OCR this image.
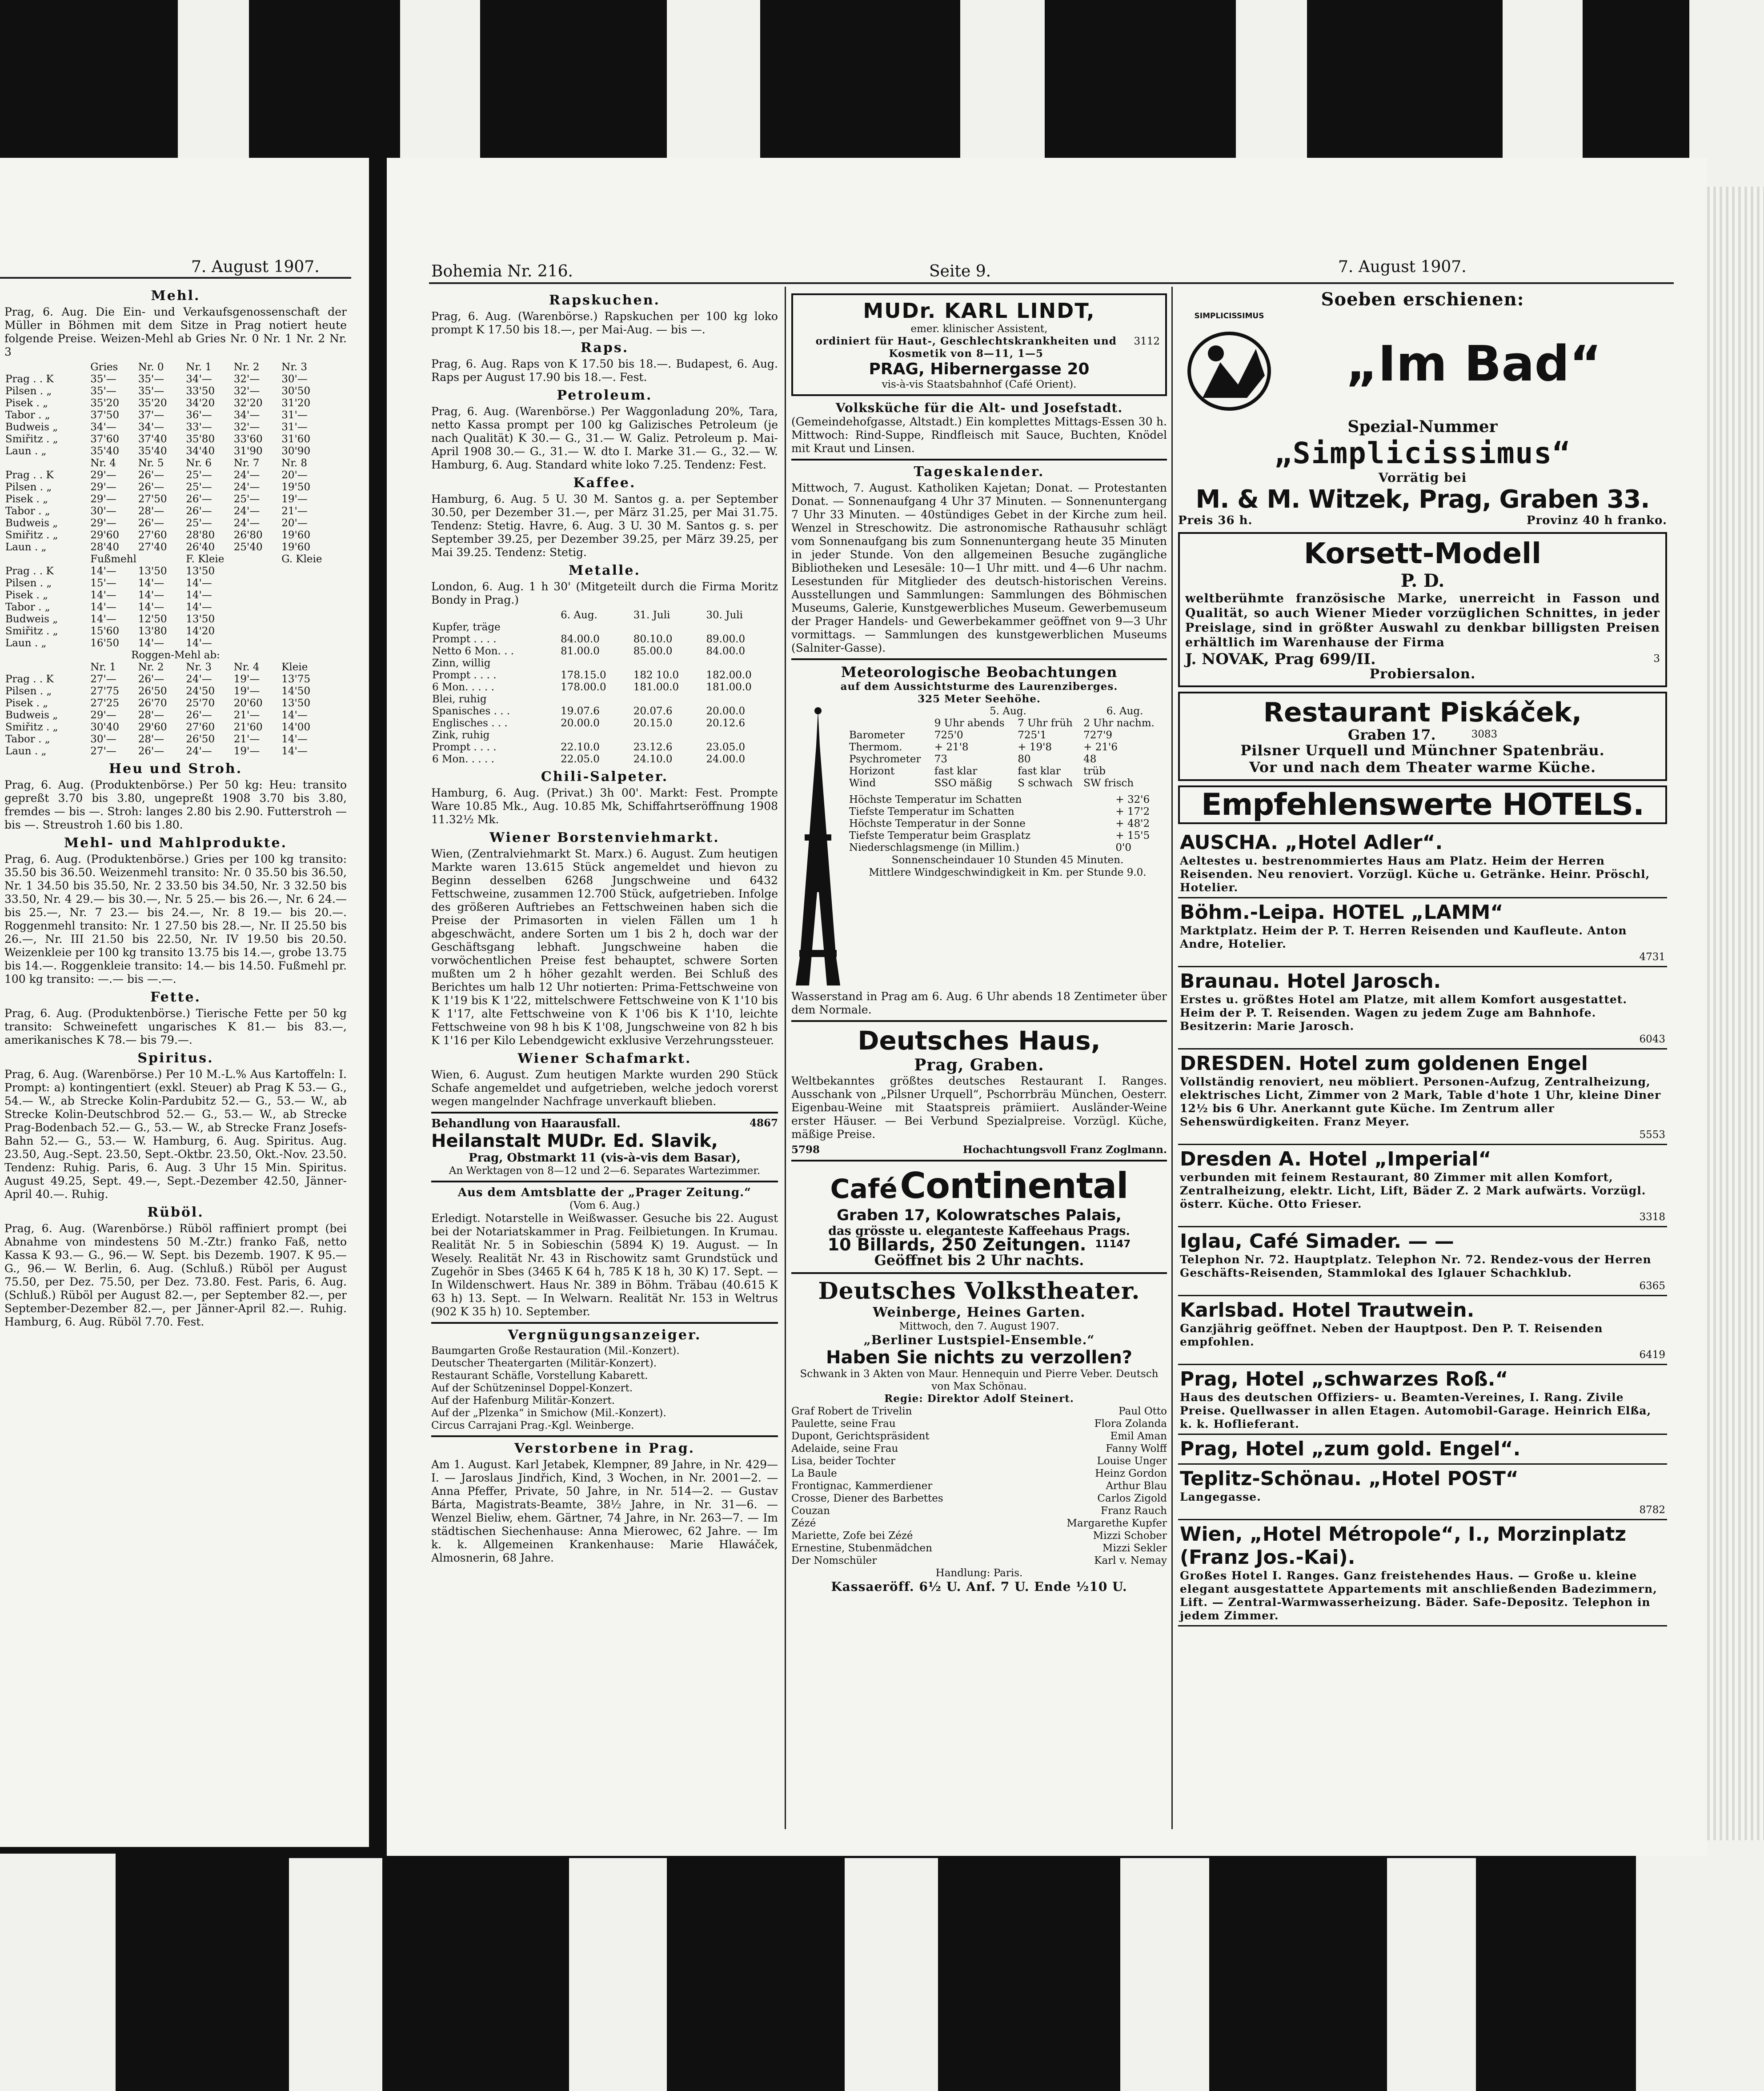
7. August 1907.
Mehl.

Prag, 6. Aug. Die Ein- und Verkaufsgenossenschaft der Müller in Böhmen mit dem Sitze in Prag notiert heute folgende Preise. Weizen-Mehl ab Gries Nr. 0 Nr. 1 Nr. 2 Nr. 3

	Gries	Nr. 0	Nr. 1	Nr. 2	Nr. 3
Prag . . K	35'—	35'—	34'—	32'—	30'—
Pilsen . „	35'—	35'—	33'50	32'—	30'50
Pisek . „	35'20	35'20	34'20	32'20	31'20
Tabor . „	37'50	37'—	36'—	34'—	31'—
Budweis „	34'—	34'—	33'—	32'—	31'—
Smiřitz . „	37'60	37'40	35'80	33'60	31'60
Laun . „	35'40	35'40	34'40	31'90	30'90
	Nr. 4	Nr. 5	Nr. 6	Nr. 7	Nr. 8
Prag . . K	29'—	26'—	25'—	24'—	20'—
Pilsen . „	29'—	26'—	25'—	24'—	19'50
Pisek . „	29'—	27'50	26'—	25'—	19'—
Tabor . „	30'—	28'—	26'—	24'—	21'—
Budweis „	29'—	26'—	25'—	24'—	20'—
Smiřitz . „	29'60	27'60	28'80	26'80	19'60
Laun . „	28'40	27'40	26'40	25'40	19'60
	Fußmehl		F. Kleie		G. Kleie
Prag . . K	14'—	13'50	13'50		
Pilsen . „	15'—	14'—	14'—		
Pisek . „	14'—	14'—	14'—		
Tabor . „	14'—	14'—	14'—		
Budweis „	14'—	12'50	13'50		
Smiřitz . „	15'60	13'80	14'20		
Laun . „	16'50	14'—	14'—		
Roggen-Mehl ab:					
	Nr. 1	Nr. 2	Nr. 3	Nr. 4	Kleie
Prag . . K	27'—	26'—	24'—	19'—	13'75
Pilsen . „	27'75	26'50	24'50	19'—	14'50
Pisek . „	27'25	26'70	25'70	20'60	13'50
Budweis „	29'—	28'—	26'—	21'—	14'—
Smiřitz . „	30'40	29'60	27'60	21'60	14'00
Tabor . „	30'—	28'—	26'50	21'—	14'—
Laun . „	27'—	26'—	24'—	19'—	14'—
Heu und Stroh.

Prag, 6. Aug. (Produktenbörse.) Per 50 kg: Heu: transito gepreßt 3.70 bis 3.80, ungepreßt 1908 3.70 bis 3.80, fremdes — bis —. Stroh: langes 2.80 bis 2.90. Futterstroh — bis —. Streustroh 1.60 bis 1.80.

Mehl- und Mahlprodukte.

Prag, 6. Aug. (Produktenbörse.) Gries per 100 kg transito: 35.50 bis 36.50. Weizenmehl transito: Nr. 0 35.50 bis 36.50, Nr. 1 34.50 bis 35.50, Nr. 2 33.50 bis 34.50, Nr. 3 32.50 bis 33.50, Nr. 4 29.— bis 30.—, Nr. 5 25.— bis 26.—, Nr. 6 24.— bis 25.—, Nr. 7 23.— bis 24.—, Nr. 8 19.— bis 20.—. Roggenmehl transito: Nr. 1 27.50 bis 28.—, Nr. II 25.50 bis 26.—, Nr. III 21.50 bis 22.50, Nr. IV 19.50 bis 20.50. Weizenkleie per 100 kg transito 13.75 bis 14.—, grobe 13.75 bis 14.—. Roggenkleie transito: 14.— bis 14.50. Fußmehl pr. 100 kg transito: —.— bis —.—.

Fette.

Prag, 6. Aug. (Produktenbörse.) Tierische Fette per 50 kg transito: Schweinefett ungarisches K 81.— bis 83.—, amerikanisches K 78.— bis 79.—.

Spiritus.

Prag, 6. Aug. (Warenbörse.) Per 10 M.-L.% Aus Kartoffeln: I. Prompt: a) kontingentiert (exkl. Steuer) ab Prag K 53.— G., 54.— W., ab Strecke Kolin-Pardubitz 52.— G., 53.— W., ab Strecke Kolin-Deutschbrod 52.— G., 53.— W., ab Strecke Prag-Bodenbach 52.— G., 53.— W., ab Strecke Franz Josefs-Bahn 52.— G., 53.— W. Hamburg, 6. Aug. Spiritus. Aug. 23.50, Aug.-Sept. 23.50, Sept.-Oktbr. 23.50, Okt.-Nov. 23.50. Tendenz: Ruhig. Paris, 6. Aug. 3 Uhr 15 Min. Spiritus. August 49.25, Sept. 49.—, Sept.-Dezember 42.50, Jänner-April 40.—. Ruhig.

Rüböl.

Prag, 6. Aug. (Warenbörse.) Rüböl raffiniert prompt (bei Abnahme von mindestens 50 M.-Ztr.) franko Faß, netto Kassa K 93.— G., 96.— W. Sept. bis Dezemb. 1907. K 95.— G., 96.— W. Berlin, 6. Aug. (Schluß.) Rüböl per August 75.50, per Dez. 75.50, per Dez. 73.80. Fest. Paris, 6. Aug. (Schluß.) Rüböl per August 82.—, per September 82.—, per September-Dezember 82.—, per Jänner-April 82.—. Ruhig. Hamburg, 6. Aug. Rüböl 7.70. Fest.

Bohemia Nr. 216.	Seite 9.	7. August 1907.
Rapskuchen.

Prag, 6. Aug. (Warenbörse.) Rapskuchen per 100 kg loko prompt K 17.50 bis 18.—, per Mai-Aug. — bis —.

Raps.

Prag, 6. Aug. Raps von K 17.50 bis 18.—. Budapest, 6. Aug. Raps per August 17.90 bis 18.—. Fest.

Petroleum.

Prag, 6. Aug. (Warenbörse.) Per Waggonladung 20%, Tara, netto Kassa prompt per 100 kg Galizisches Petroleum (je nach Qualität) K 30.— G., 31.— W. Galiz. Petroleum p. Mai-April 1908 30.— G., 31.— W. dto I. Marke 31.— G., 32.— W. Hamburg, 6. Aug. Standard white loko 7.25. Tendenz: Fest.

Kaffee.

Hamburg, 6. Aug. 5 U. 30 M. Santos g. a. per September 30.50, per Dezember 31.—, per März 31.25, per Mai 31.75. Tendenz: Stetig. Havre, 6. Aug. 3 U. 30 M. Santos g. s. per September 39.25, per Dezember 39.25, per März 39.25, per Mai 39.25. Tendenz: Stetig.

Metalle.

London, 6. Aug. 1 h 30' (Mitgeteilt durch die Firma Moritz Bondy in Prag.)

	6. Aug.	31. Juli	30. Juli
Kupfer, träge			
Prompt . . . .	84.00.0	80.10.0	89.00.0
Netto 6 Mon. . .	81.00.0	85.00.0	84.00.0
Zinn, willig			
Prompt . . . .	178.15.0	182 10.0	182.00.0
6 Mon. . . . .	178.00.0	181.00.0	181.00.0
Blei, ruhig			
Spanisches . . .	19.07.6	20.07.6	20.00.0
Englisches . . .	20.00.0	20.15.0	20.12.6
Zink, ruhig			
Prompt . . . .	22.10.0	23.12.6	23.05.0
6 Mon. . . . .	22.05.0	24.10.0	24.00.0
Chili-Salpeter.

Hamburg, 6. Aug. (Privat.) 3h 00'. Markt: Fest. Prompte Ware 10.85 Mk., Aug. 10.85 Mk, Schiffahrtseröffnung 1908 11.32½ Mk.

Wiener Borstenviehmarkt.

Wien, (Zentralviehmarkt St. Marx.) 6. August. Zum heutigen Markte waren 13.615 Stück angemeldet und hievon zu Beginn desselben 6268 Jungschweine und 6432 Fettschweine, zusammen 12.700 Stück, aufgetrieben. Infolge des größeren Auftriebes an Fettschweinen haben sich die Preise der Primasorten in vielen Fällen um 1 h abgeschwächt, andere Sorten um 1 bis 2 h, doch war der Geschäftsgang lebhaft. Jungschweine haben die vorwöchentlichen Preise fest behauptet, schwere Sorten mußten um 2 h höher gezahlt werden. Bei Schluß des Berichtes um halb 12 Uhr notierten: Prima-Fettschweine von K 1'19 bis K 1'22, mittelschwere Fettschweine von K 1'10 bis K 1'17, alte Fettschweine von K 1'06 bis K 1'10, leichte Fettschweine von 98 h bis K 1'08, Jungschweine von 82 h bis K 1'16 per Kilo Lebendgewicht exklusive Verzehrungssteuer.

Wiener Schafmarkt.

Wien, 6. August. Zum heutigen Markte wurden 290 Stück Schafe angemeldet und aufgetrieben, welche jedoch vorerst wegen mangelnder Nachfrage unverkauft blieben.

Behandlung von Haarausfall.	4867
Heilanstalt MUDr. Ed. Slavik,
Prag, Obstmarkt 11 (vis-à-vis dem Basar),
An Werktagen von 8—12 und 2—6. Separates Wartezimmer.
Aus dem Amtsblatte der „Prager Zeitung.“
(Vom 6. Aug.)

Erledigt. Notarstelle in Weißwasser. Gesuche bis 22. August bei der Notariatskammer in Prag. Feilbietungen. In Krumau. Realität Nr. 5 in Sobieschin (5894 K) 19. August. — In Wesely. Realität Nr. 43 in Rischowitz samt Grundstück und Zugehör in Sbes (3465 K 64 h, 785 K 18 h, 30 K) 17. Sept. — In Wildenschwert. Haus Nr. 389 in Böhm. Träbau (40.615 K 63 h) 13. Sept. — In Welwarn. Realität Nr. 153 in Weltrus (902 K 35 h) 10. September.

Vergnügungsanzeiger.
Baumgarten Große Restauration (Mil.-Konzert).
Deutscher Theatergarten (Militär-Konzert).
Restaurant Schäfle, Vorstellung Kabarett.
Auf der Schützeninsel Doppel-Konzert.
Auf der Hafenburg Militär-Konzert.
Auf der „Plzenka“ in Smichow (Mil.-Konzert).
Circus Carrajani Prag.-Kgl. Weinberge.
Verstorbene in Prag.

Am 1. August. Karl Jetabek, Klempner, 89 Jahre, in Nr. 429—I. — Jaroslaus Jindřich, Kind, 3 Wochen, in Nr. 2001—2. — Anna Pfeffer, Private, 50 Jahre, in Nr. 514—2. — Gustav Bárta, Magistrats-Beamte, 38½ Jahre, in Nr. 31—6. — Wenzel Bieliw, ehem. Gärtner, 74 Jahre, in Nr. 263—7. — Im städtischen Siechenhause: Anna Mierowec, 62 Jahre. — Im k. k. Allgemeinen Krankenhause: Marie Hlawáček, Almosnerin, 68 Jahre.

MUDr. KARL LINDT,
emer. klinischer Assistent,
ordiniert für Haut-, Geschlechtskrankheiten und Kosmetik von 8—11, 1—5
3112
PRAG, Hibernergasse 20
vis-à-vis Staatsbahnhof (Café Orient).
Volksküche für die Alt- und Josefstadt.

(Gemeindehofgasse, Altstadt.) Ein komplettes Mittags-Essen 30 h. Mittwoch: Rind-Suppe, Rindfleisch mit Sauce, Buchten, Knödel mit Kraut und Linsen.

Tageskalender.

Mittwoch, 7. August. Katholiken Kajetan; Donat. — Protestanten Donat. — Sonnenaufgang 4 Uhr 37 Minuten. — Sonnenuntergang 7 Uhr 33 Minuten. — 40stündiges Gebet in der Kirche zum heil. Wenzel in Streschowitz. Die astronomische Rathausuhr schlägt vom Sonnenaufgang bis zum Sonnenuntergang heute 35 Minuten in jeder Stunde. Von den allgemeinen Besuche zugängliche Bibliotheken und Lesesäle: 10—1 Uhr mitt. und 4—6 Uhr nachm. Lesestunden für Mitglieder des deutsch-historischen Vereins. Ausstellungen und Sammlungen: Sammlungen des Böhmischen Museums, Galerie, Kunstgewerbliches Museum. Gewerbemuseum der Prager Handels- und Gewerbekammer geöffnet von 9—3 Uhr vormittags. — Sammlungen des kunstgewerblichen Museums (Salniter-Gasse).

Meteorologische Beobachtungen
auf dem Aussichtsturme des Laurenziberges.
325 Meter Seehöhe.
	5. Aug.		6. Aug.
	9 Uhr abends	7 Uhr früh	2 Uhr nachm.
Barometer	725'0	725'1	727'9
Thermom.	+ 21'8	+ 19'8	+ 21'6
Psychrometer	73	80	48
Horizont	fast klar	fast klar	trüb
Wind	SSO mäßig	S schwach	SW frisch
Höchste Temperatur im Schatten	+ 32'6
Tiefste Temperatur im Schatten	+ 17'2
Höchste Temperatur in der Sonne	+ 48'2
Tiefste Temperatur beim Grasplatz	+ 15'5
Niederschlagsmenge (in Millim.)	0'0
Sonnenscheindauer 10 Stunden 45 Minuten.
Mittlere Windgeschwindigkeit in Km. per Stunde 9.0.

Wasserstand in Prag am 6. Aug. 6 Uhr abends 18 Zentimeter über dem Normale.

Deutsches Haus,
Prag, Graben.

Weltbekanntes größtes deutsches Restaurant I. Ranges. Ausschank von „Pilsner Urquell“, Pschorrbräu München, Oesterr. Eigenbau-Weine mit Staatspreis prämiiert. Ausländer-Weine erster Häuser. — Bei Verbund Spezialpreise. Vorzügl. Küche, mäßige Preise.

5798	Hochachtungsvoll Franz Zoglmann.
Café Continental
Graben 17, Kolowratsches Palais,
das grösste u. eleganteste Kaffeehaus Prags.
10 Billards, 250 Zeitungen. 11147
Geöffnet bis 2 Uhr nachts.
Deutsches Volkstheater.
Weinberge, Heines Garten.
Mittwoch, den 7. August 1907.
„Berliner Lustspiel-Ensemble.“
Haben Sie nichts zu verzollen?
Schwank in 3 Akten von Maur. Hennequin und Pierre Veber. Deutsch von Max Schönau.
Regie: Direktor Adolf Steinert.
Graf Robert de Trivelin	Paul Otto
Paulette, seine Frau	Flora Zolanda
Dupont, Gerichtspräsident	Emil Aman
Adelaide, seine Frau	Fanny Wolff
Lisa, beider Tochter	Louise Unger
La Baule	Heinz Gordon
Frontignac, Kammerdiener	Arthur Blau
Crosse, Diener des Barbettes	Carlos Zigold
Couzan	Franz Rauch
Zézé	Margarethe Kupfer
Mariette, Zofe bei Zézé	Mizzi Schober
Ernestine, Stubenmädchen	Mizzi Sekler
Der Nomschüler	Karl v. Nemay
Handlung: Paris.
Kassaeröff. 6½ U. Anf. 7 U. Ende ½10 U.
Soeben erschienen:
SIMPLICISSIMUS
„Im Bad“
Spezial-Nummer
„Simplicissimus“
Vorrätig bei
M. & M. Witzek, Prag, Graben 33.
Preis 36 h.	Provinz 40 h franko.
Korsett-Modell
P. D.

weltberühmte französische Marke, unerreicht in Fasson und Qualität, so auch Wiener Mieder vorzüglichen Schnittes, in jeder Preislage, sind in größter Auswahl zu denkbar billigsten Preisen erhältlich im Warenhause der Firma

J. NOVAK, Prag 699/II.	3
Probiersalon.
Restaurant Piskáček,
Graben 17.	3083
Pilsner Urquell und Münchner Spatenbräu.
Vor und nach dem Theater warme Küche.
Empfehlenswerte HOTELS.
AUSCHA. „Hotel Adler“.
Aeltestes u. bestrenommiertes Haus am Platz. Heim der Herren Reisenden. Neu renoviert. Vorzügl. Küche u. Getränke. Heinr. Pröschl, Hotelier.
Böhm.-Leipa. HOTEL „LAMM“
Marktplatz. Heim der P. T. Herren Reisenden und Kaufleute. Anton Andre, Hotelier.
4731
Braunau. Hotel Jarosch.
Erstes u. größtes Hotel am Platze, mit allem Komfort ausgestattet. Heim der P. T. Reisenden. Wagen zu jedem Zuge am Bahnhofe. Besitzerin: Marie Jarosch.
6043
DRESDEN. Hotel zum goldenen Engel
Vollständig renoviert, neu möbliert. Personen-Aufzug, Zentralheizung, elektrisches Licht, Zimmer von 2 Mark, Table d'hote 1 Uhr, kleine Diner 12½ bis 6 Uhr. Anerkannt gute Küche. Im Zentrum aller Sehenswürdigkeiten. Franz Meyer.
5553
Dresden A. Hotel „Imperial“
verbunden mit feinem Restaurant, 80 Zimmer mit allen Komfort, Zentralheizung, elektr. Licht, Lift, Bäder Z. 2 Mark aufwärts. Vorzügl. österr. Küche. Otto Frieser.
3318
Iglau, Café Simader. — —
Telephon Nr. 72. Hauptplatz. Telephon Nr. 72. Rendez-vous der Herren Geschäfts-Reisenden, Stammlokal des Iglauer Schachklub.
6365
Karlsbad. Hotel Trautwein.
Ganzjährig geöffnet. Neben der Hauptpost. Den P. T. Reisenden empfohlen.
6419
Prag, Hotel „schwarzes Roß.“
Haus des deutschen Offiziers- u. Beamten-Vereines, I. Rang. Zivile Preise. Quellwasser in allen Etagen. Automobil-Garage. Heinrich Elßa, k. k. Hoflieferant.
Prag, Hotel „zum gold. Engel“.
Teplitz-Schönau. „Hotel POST“
Langegasse.
8782
Wien, „Hotel Métropole“, I., Morzinplatz (Franz Jos.-Kai).
Großes Hotel I. Ranges. Ganz freistehendes Haus. — Große u. kleine elegant ausgestattete Appartements mit anschließenden Badezimmern, Lift. — Zentral-Warmwasserheizung. Bäder. Safe-Depositz. Telephon in jedem Zimmer.
